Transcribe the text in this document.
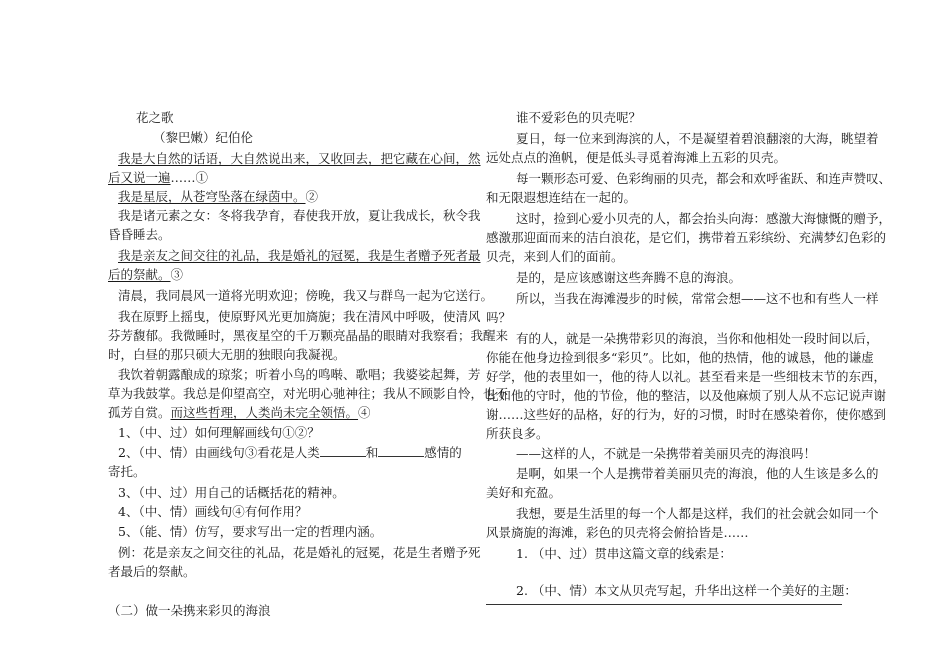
花之歌
（黎巴嫩）纪伯伦
我是大自然的话语，大自然说出来，又收回去，把它藏在心间，然
后又说一遍……①
我是星辰，从苍穹坠落在绿茵中。②
我是诸元素之女：冬将我孕育，春使我开放，夏让我成长，秋令我
昏昏睡去。
我是亲友之间交往的礼品，我是婚礼的冠冕，我是生者赠予死者最
后的祭献。③
清晨，我同晨风一道将光明欢迎；傍晚，我又与群鸟一起为它送行。
我在原野上摇曳，使原野风光更加旖旎；我在清风中呼吸，使清风
芬芳馥郁。我微睡时，黑夜星空的千万颗亮晶晶的眼睛对我察看；我醒来
时，白昼的那只硕大无朋的独眼向我凝视。
我饮着朝露酿成的琼浆；听着小鸟的鸣啭、歌唱；我婆娑起舞，芳
草为我鼓掌。我总是仰望高空，对光明心驰神往；我从不顾影自怜，也不
孤芳自赏。而这些哲理，人类尚未完全领悟。④
1、（中、过）如何理解画线句①②？
2、（中、情）由画线句③看花是人类	和	感情的
寄托。
3、（中、过）用自己的话概括花的精神。
4、（中、情）画线句④有何作用？
5、（能、情）仿写，要求写出一定的哲理内涵。
例：花是亲友之间交往的礼品，花是婚礼的冠冕，花是生者赠予死
者最后的祭献。
（二）做一朵携来彩贝的海浪
谁不爱彩色的贝壳呢？
夏日，每一位来到海滨的人，不是凝望着碧浪翻滚的大海，眺望着
远处点点的渔帆，便是低头寻觅着海滩上五彩的贝壳。
每一颗形态可爱、色彩绚丽的贝壳，都会和欢呼雀跃、和连声赞叹、
和无限遐想连结在一起的。
这时，捡到心爱小贝壳的人，都会抬头向海：感激大海慷慨的赠予，
感激那迎面而来的洁白浪花，是它们，携带着五彩缤纷、充满梦幻色彩的
贝壳，来到人们的面前。
是的，是应该感谢这些奔腾不息的海浪。
所以，当我在海滩漫步的时候，常常会想——这不也和有些人一样
吗？
有的人，就是一朵携带彩贝的海浪，当你和他相处一段时间以后，
你能在他身边捡到很多“彩贝”。比如，他的热情，他的诚恳，他的谦虚
好学，他的表里如一，他的待人以礼。甚至看来是一些细枝末节的东西，
比如他的守时，他的节俭，他的整洁，以及他麻烦了别人从不忘记说声谢
谢……这些好的品格，好的行为，好的习惯，时时在感染着你，使你感到
所获良多。
——这样的人，不就是一朵携带着美丽贝壳的海浪吗！
是啊，如果一个人是携带着美丽贝壳的海浪，他的人生该是多么的
美好和充盈。
我想，要是生活里的每一个人都是这样，我们的社会就会如同一个
风景旖旎的海滩，彩色的贝壳将会俯拾皆是……
1. （中、过）贯串这篇文章的线索是：
2. （中、情）本文从贝壳写起，升华出这样一个美好的主题：
